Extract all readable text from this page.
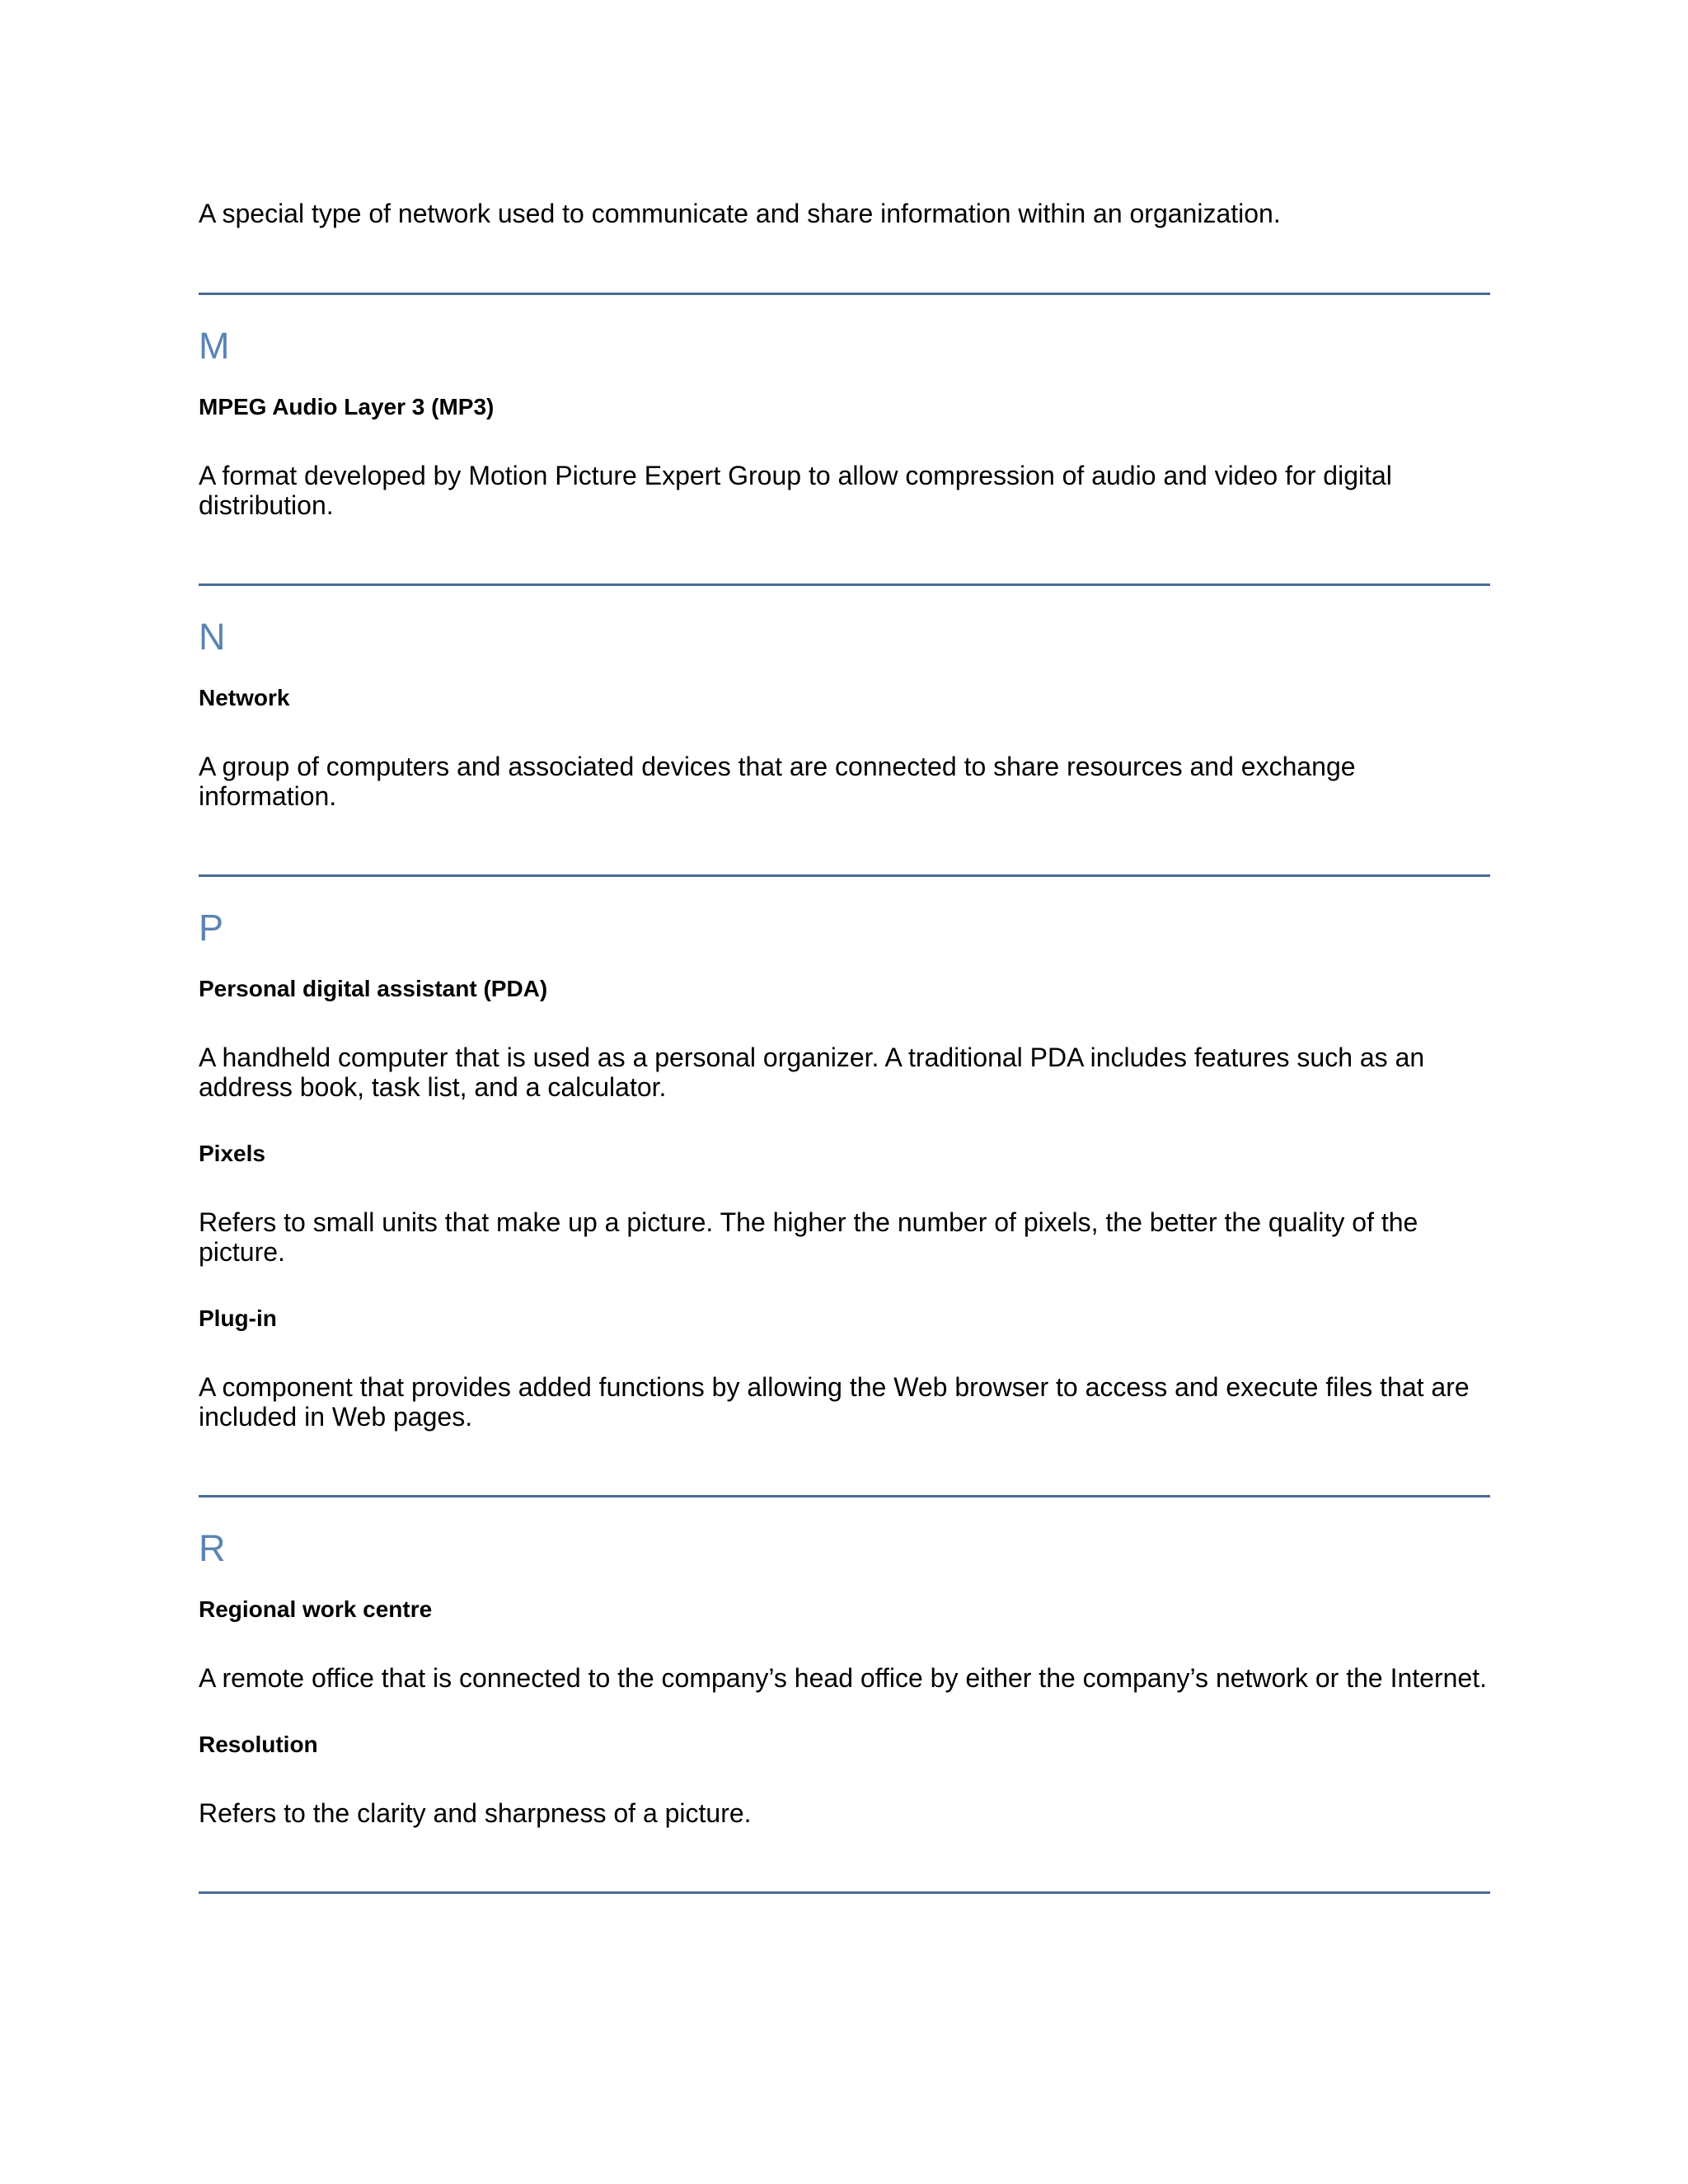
A special type of network used to communicate and share information within an organization.

M

MPEG Audio Layer 3 (MP3)

A format developed by Motion Picture Expert Group to allow compression of audio and video for digital distribution.

N

Network

A group of computers and associated devices that are connected to share resources and exchange information.

P

Personal digital assistant (PDA)

A handheld computer that is used as a personal organizer. A traditional PDA includes features such as an address book, task list, and a calculator.

Pixels

Refers to small units that make up a picture. The higher the number of pixels, the better the quality of the picture.

Plug-in

A component that provides added functions by allowing the Web browser to access and execute files that are included in Web pages.

R

Regional work centre

A remote office that is connected to the company’s head office by either the company’s network or the Internet.

Resolution

Refers to the clarity and sharpness of a picture.
